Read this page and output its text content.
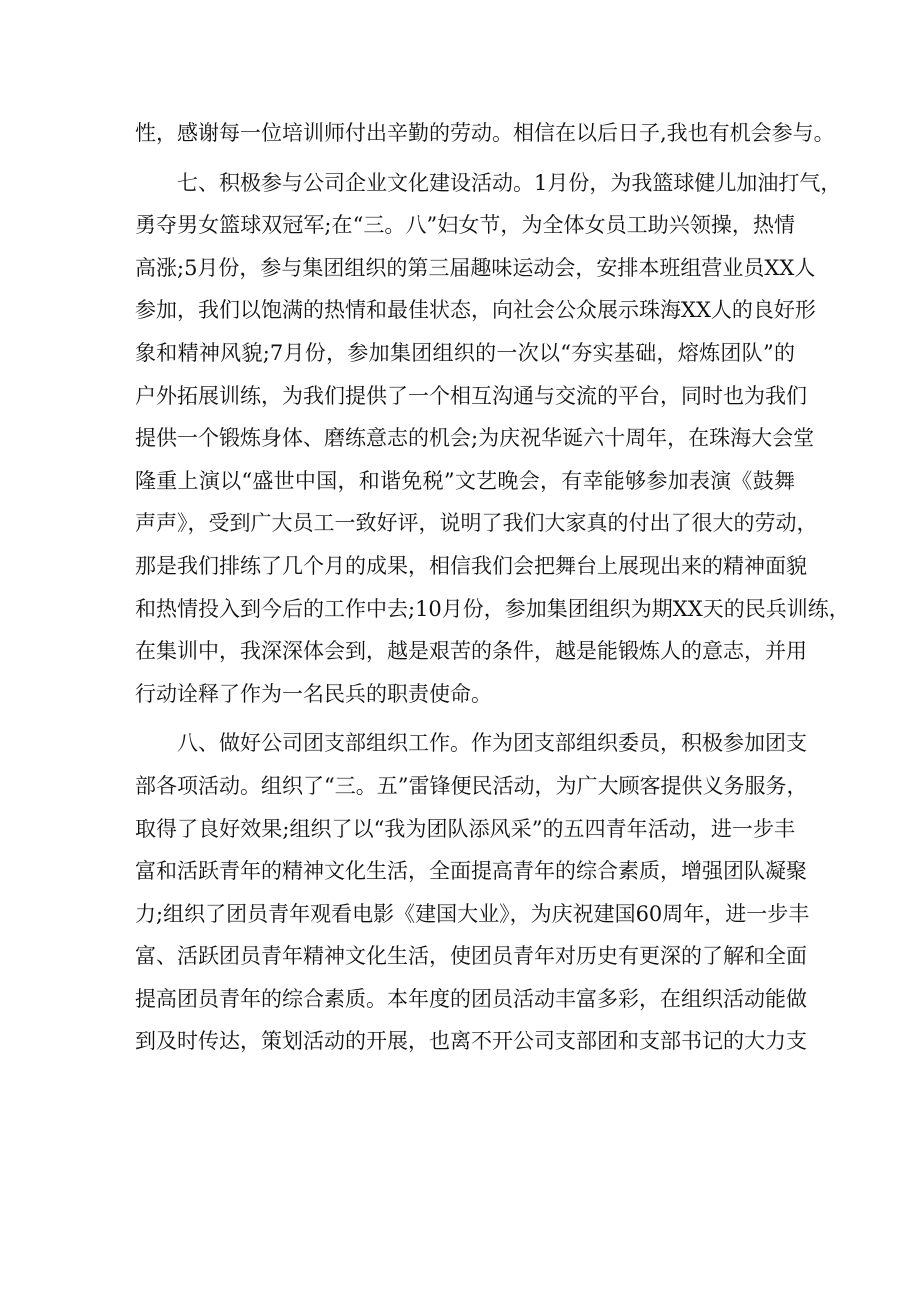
性，感谢每一位培训师付出辛勤的劳动。相信在以后日子,我也有机会参与。
七、积极参与公司企业文化建设活动。1月份，为我篮球健儿加油打气，
勇夺男女篮球双冠军;在“三。八”妇女节，为全体女员工助兴领操，热情
高涨;5月份，参与集团组织的第三届趣味运动会，安排本班组营业员XX人
参加，我们以饱满的热情和最佳状态，向社会公众展示珠海XX人的良好形
象和精神风貌;7月份，参加集团组织的一次以“夯实基础，熔炼团队”的
户外拓展训练，为我们提供了一个相互沟通与交流的平台，同时也为我们
提供一个锻炼身体、磨练意志的机会;为庆祝华诞六十周年，在珠海大会堂
隆重上演以“盛世中国，和谐免税”文艺晚会，有幸能够参加表演《鼓舞
声声》，受到广大员工一致好评，说明了我们大家真的付出了很大的劳动，
那是我们排练了几个月的成果，相信我们会把舞台上展现出来的精神面貌
和热情投入到今后的工作中去;10月份，参加集团组织为期XX天的民兵训练，
在集训中，我深深体会到，越是艰苦的条件，越是能锻炼人的意志，并用
行动诠释了作为一名民兵的职责使命。
八、做好公司团支部组织工作。作为团支部组织委员，积极参加团支
部各项活动。组织了“三。五”雷锋便民活动，为广大顾客提供义务服务，
取得了良好效果;组织了以“我为团队添风采”的五四青年活动，进一步丰
富和活跃青年的精神文化生活，全面提高青年的综合素质，增强团队凝聚
力;组织了团员青年观看电影《建国大业》，为庆祝建国60周年，进一步丰
富、活跃团员青年精神文化生活，使团员青年对历史有更深的了解和全面
提高团员青年的综合素质。本年度的团员活动丰富多彩，在组织活动能做
到及时传达，策划活动的开展，也离不开公司支部团和支部书记的大力支
